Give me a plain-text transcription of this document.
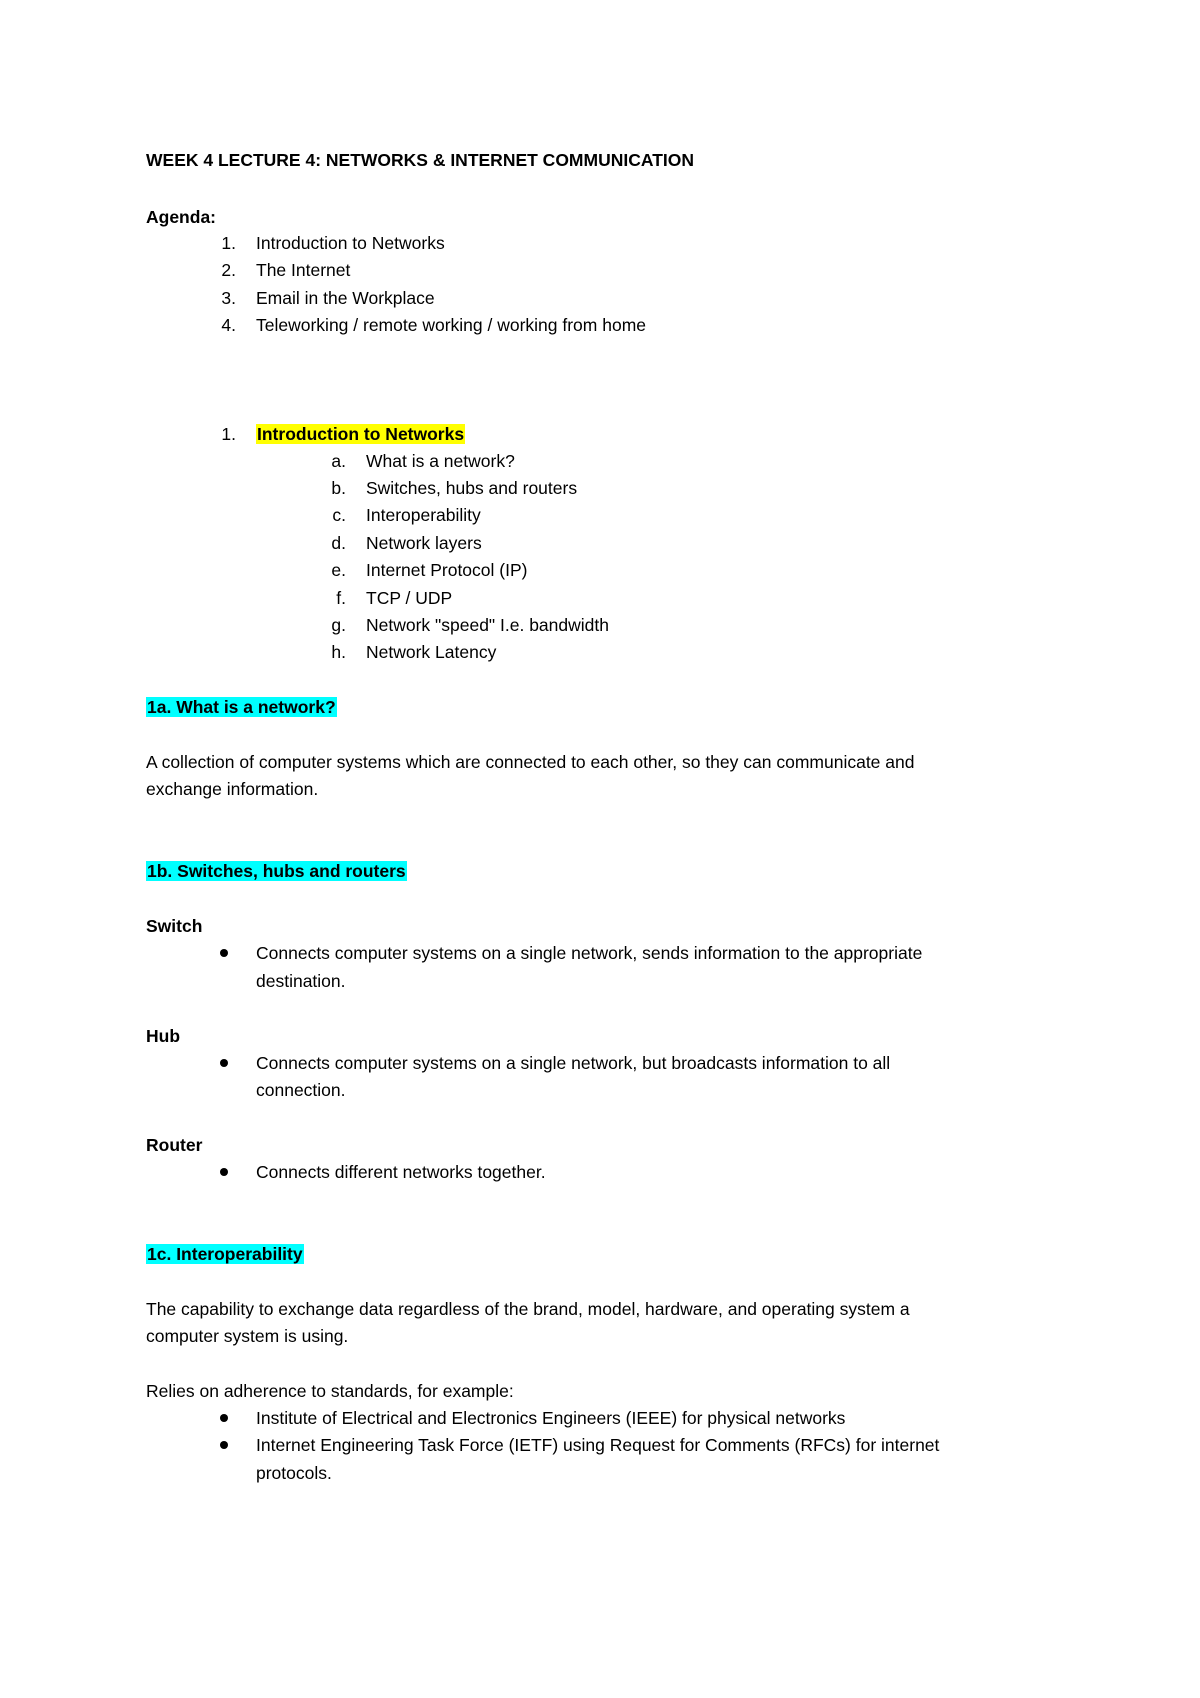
WEEK 4 LECTURE 4: NETWORKS & INTERNET COMMUNICATION
Agenda:
1. Introduction to Networks
2. The Internet
3. Email in the Workplace
4. Teleworking / remote working / working from home
1. Introduction to Networks
a. What is a network?
b. Switches, hubs and routers
c. Interoperability
d. Network layers
e. Internet Protocol (IP)
f. TCP / UDP
g. Network "speed" I.e. bandwidth
h. Network Latency
1a. What is a network?
A collection of computer systems which are connected to each other, so they can communicate and
exchange information.
1b. Switches, hubs and routers
Switch
Connects computer systems on a single network, sends information to the appropriate
destination.
Hub
Connects computer systems on a single network, but broadcasts information to all
connection.
Router
Connects different networks together.
1c. Interoperability
The capability to exchange data regardless of the brand, model, hardware, and operating system a
computer system is using.
Relies on adherence to standards, for example:
Institute of Electrical and Electronics Engineers (IEEE) for physical networks
Internet Engineering Task Force (IETF) using Request for Comments (RFCs) for internet
protocols.
